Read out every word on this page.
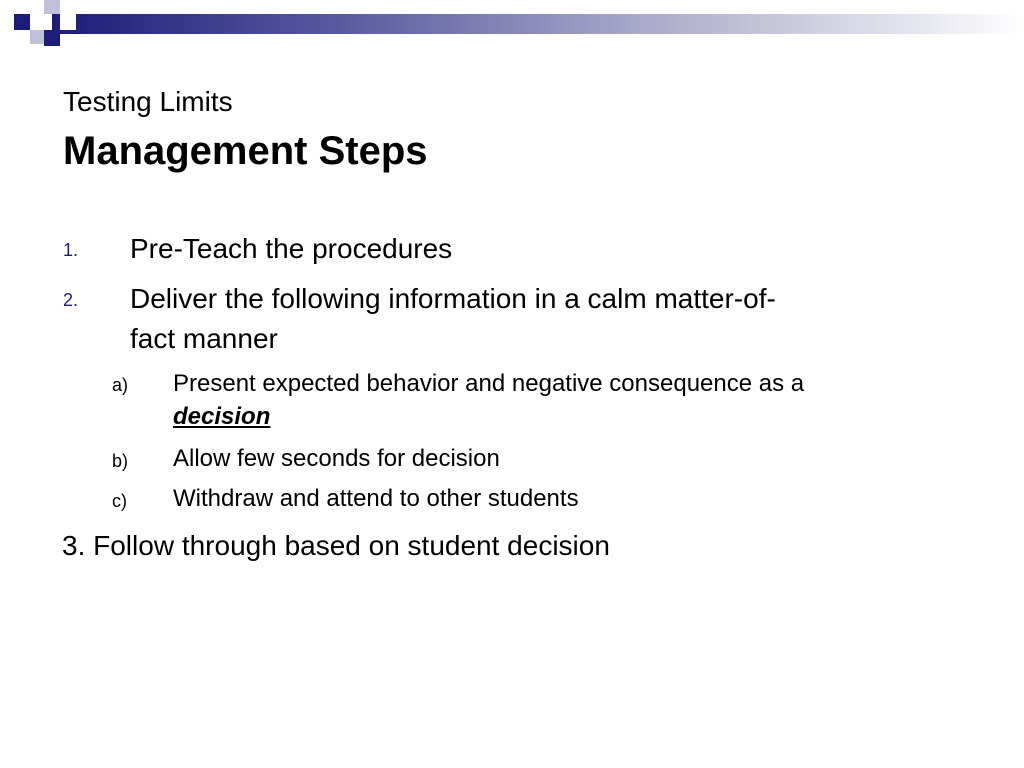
Testing Limits
Management Steps
1. Pre-Teach the procedures
2. Deliver the following information in a calm matter-of-
fact manner
a) Present expected behavior and negative consequence as a
decision
b) Allow few seconds for decision
c) Withdraw and attend to other students
3. Follow through based on student decision
